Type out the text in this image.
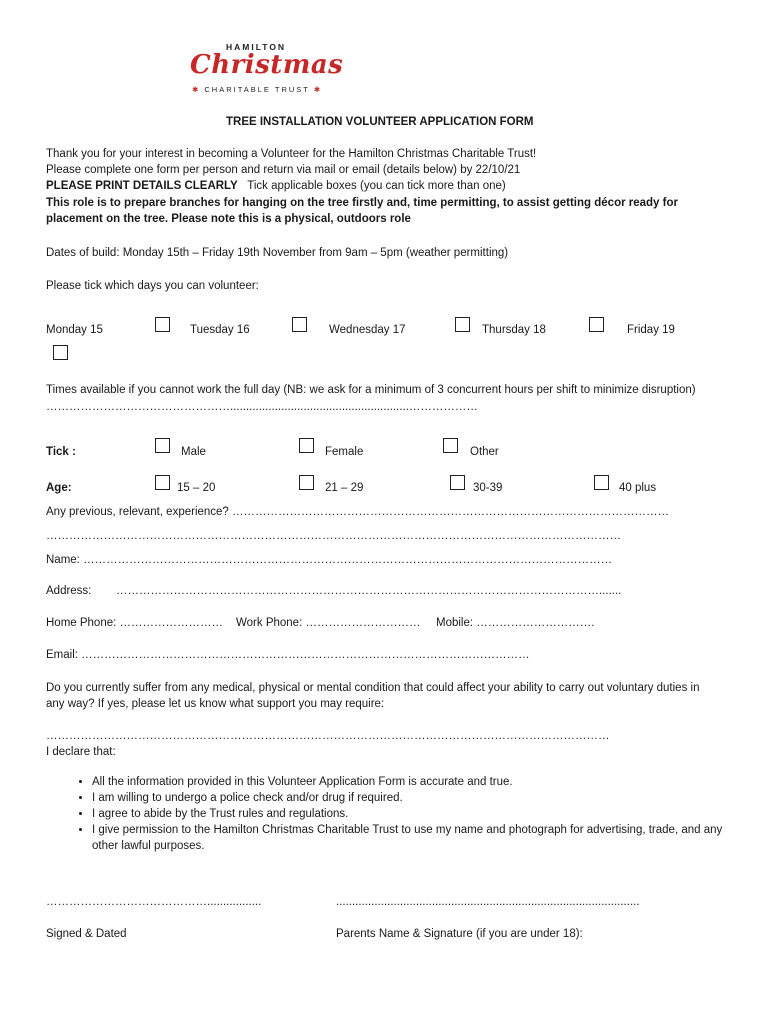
HAMILTON
Christmas
✱ CHARITABLE TRUST ✱
TREE INSTALLATION VOLUNTEER APPLICATION FORM
Thank you for your interest in becoming a Volunteer for the Hamilton Christmas Charitable Trust!
Please complete one form per person and return via mail or email (details below) by 22/10/21
PLEASE PRINT DETAILS CLEARLY Tick applicable boxes (you can tick more than one)
This role is to prepare branches for hanging on the tree firstly and, time permitting, to assist getting décor ready for
placement on the tree. Please note this is a physical, outdoors role
Dates of build: Monday 15th – Friday 19th November from 9am – 5pm (weather permitting)
Please tick which days you can volunteer:
Monday 15	Tuesday 16	Wednesday 17	Thursday 18	Friday 19
Times available if you cannot work the full day (NB: we ask for a minimum of 3 concurrent hours per shift to minimize disruption)
…………………………………………........................................................………………
Tick :	Male	Female	Other
Age:	15 – 20	21 – 29	30-39	40 plus
Any previous, relevant, experience? ……………………………………………………………………………………………………
……………………………………………………………………………………………………………………………………
Name: …………………………………………………………………………………………………………………………
Address: ……………………………………………………………………………………………………………….......
Home Phone: ……………………… Work Phone: ………………………… Mobile: ………………………….
Email: ………………………………………………………………………………………………………
Do you currently suffer from any medical, physical or mental condition that could affect your ability to carry out voluntary duties in
any way? If yes, please let us know what support you may require:
…………………………………………………………………………………………………………………………………
I declare that:
• All the information provided in this Volunteer Application Form is accurate and true.
• I am willing to undergo a police check and/or drug if required.
• I agree to abide by the Trust rules and regulations.
• I give permission to the Hamilton Christmas Charitable Trust to use my name and photograph for advertising, trade, and any other lawful purposes.
…………………………………….................	...............................................................................................
Signed & Dated	Parents Name & Signature (if you are under 18):
